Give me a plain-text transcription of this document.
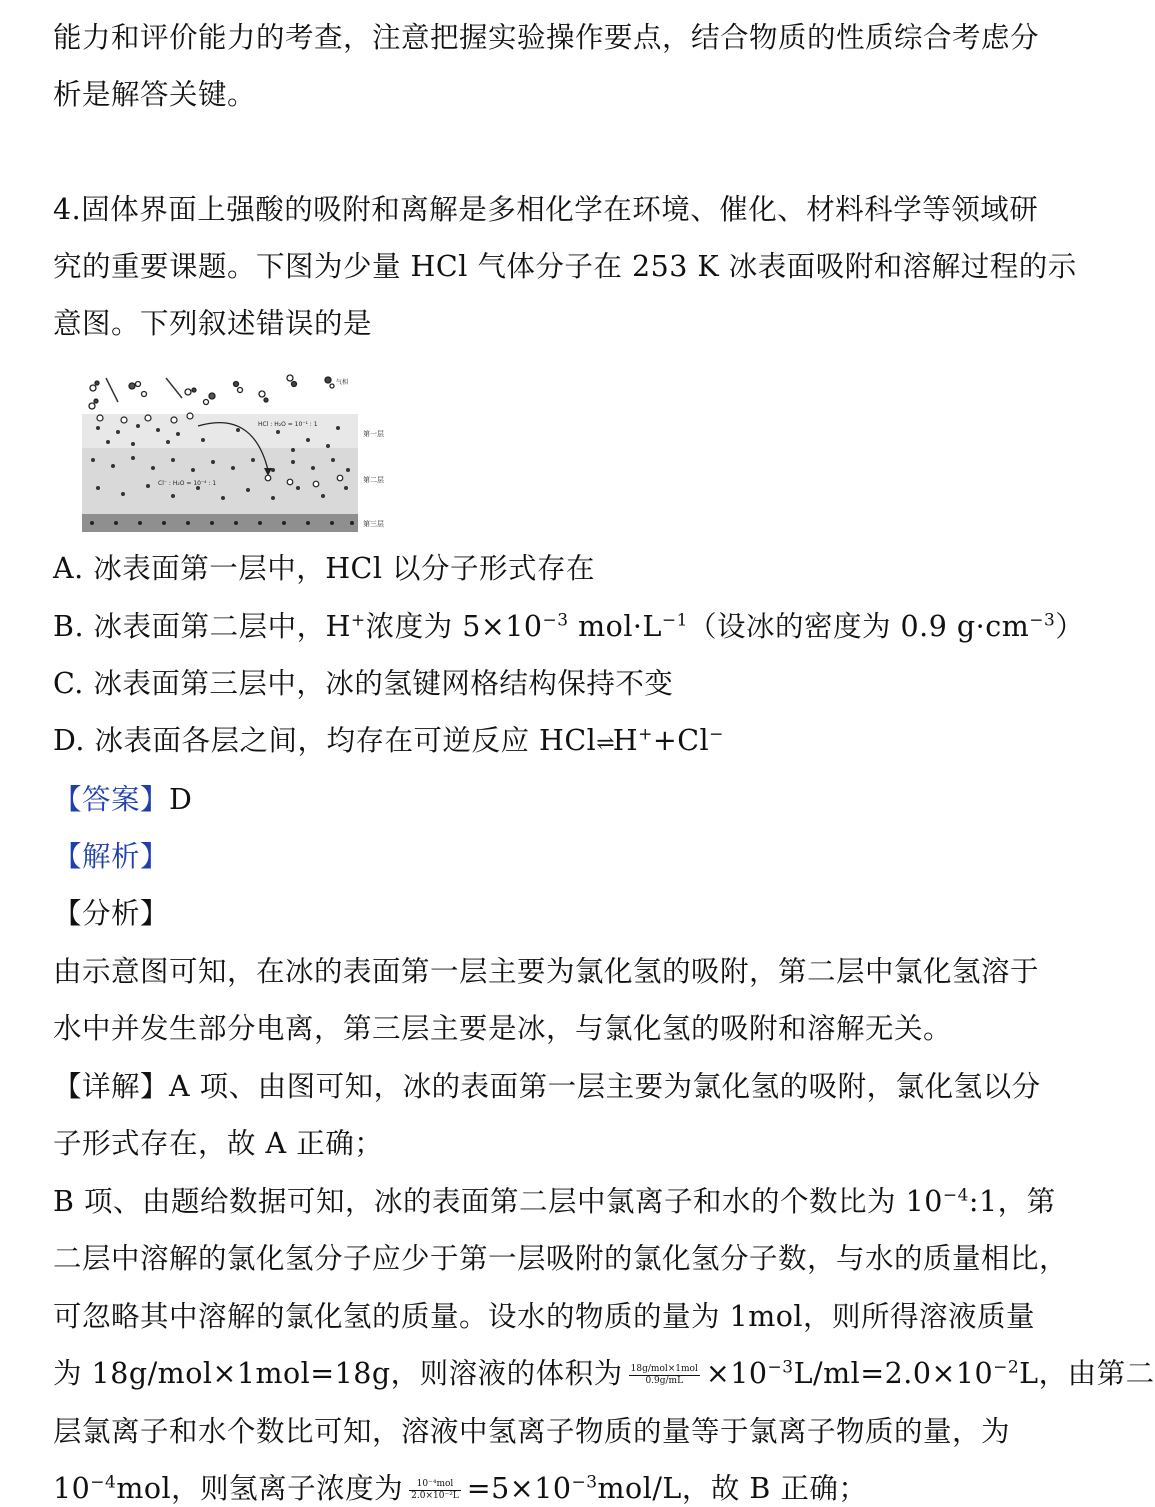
能力和评价能力的考查，注意把握实验操作要点，结合物质的性质综合考虑分
析是解答关键。
4.固体界面上强酸的吸附和离解是多相化学在环境、催化、材料科学等领域研
究的重要课题。下图为少量 HCl 气体分子在 253 K 冰表面吸附和溶解过程的示
意图。下列叙述错误的是
气相
HCl : H₂O = 10⁻¹ : 1
Cl⁻ : H₂O = 10⁻⁴ : 1
第一层
第二层
第三层
A. 冰表面第一层中，HCl 以分子形式存在
B. 冰表面第二层中，H+浓度为 $5\times 10^{-3}$ $mol\cdot L^{-1}$（设冰的密度为 0.9 $g\cdot cm^{-3}$）
C. 冰表面第三层中，冰的氢键网格结构保持不变
D. 冰表面各层之间，均存在可逆反应 HCl⇌H++Cl−
【答案】D
【解析】
【分析】
由示意图可知，在冰的表面第一层主要为氯化氢的吸附，第二层中氯化氢溶于
水中并发生部分电离，第三层主要是冰，与氯化氢的吸附和溶解无关。
【详解】A 项、由图可知，冰的表面第一层主要为氯化氢的吸附，氯化氢以分
子形式存在，故 A 正确；
B 项、由题给数据可知，冰的表面第二层中氯离子和水的个数比为 $10^{-4}:1$，第
二层中溶解的氯化氢分子应少于第一层吸附的氯化氢分子数，与水的质量相比，
可忽略其中溶解的氯化氢的质量。设水的物质的量为 1mol，则所得溶液质量
为 18g/mol×1mol=18g，则溶液的体积为 $\frac{\text{18g/mol×1mol}}{0.9g/mL} \times 10^{-3}L/ml=2.0\times 10^{-2}L$，由第二
层氯离子和水个数比可知，溶液中氢离子物质的量等于氯离子物质的量，为
$10^{-4}mol$，则氢离子浓度为 $\frac{\text{10⁻⁴mol}}{\text{2.0×10⁻²L}} =5\times 10^{-3}mol/L$，故 B 正确；
